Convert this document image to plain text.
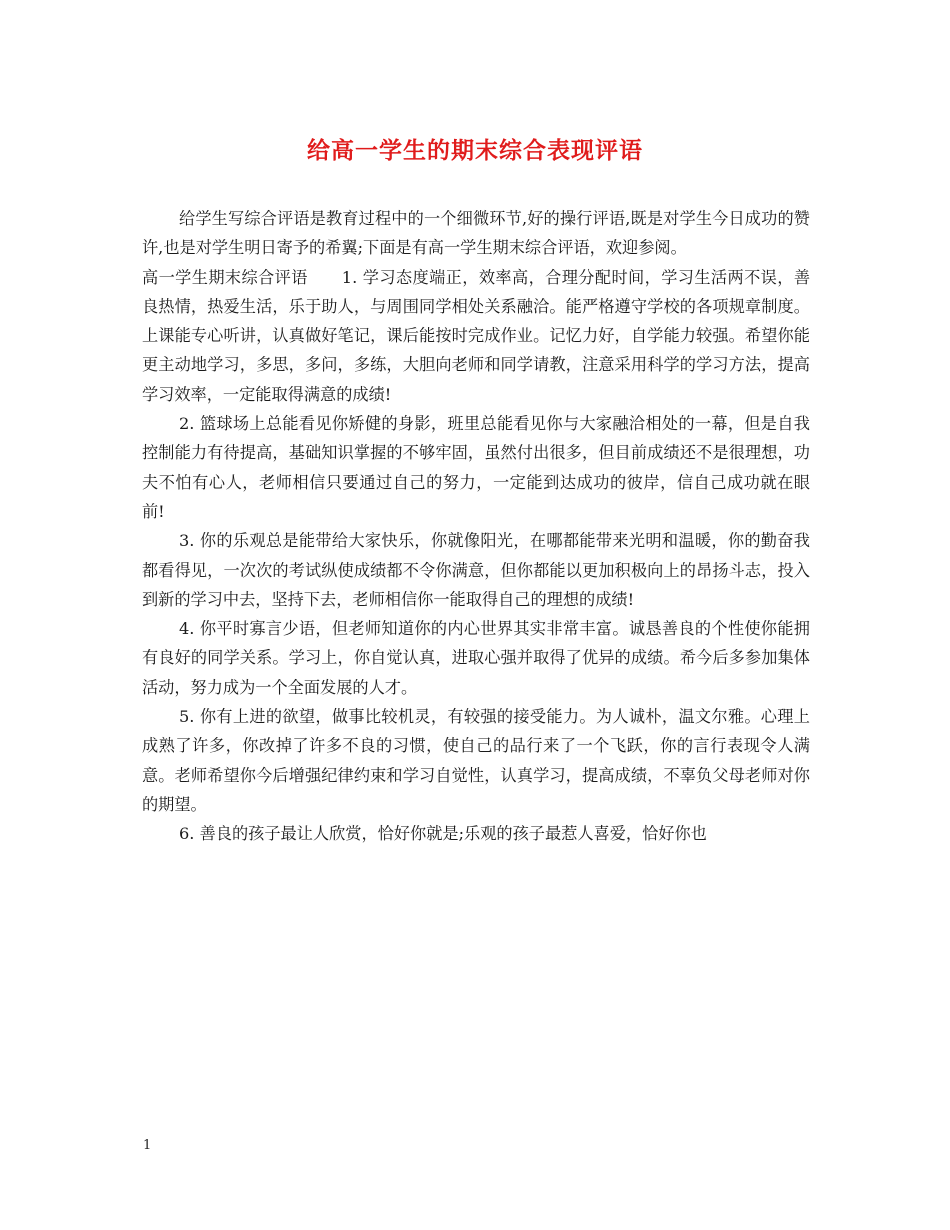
给高一学生的期末综合表现评语

给学生写综合评语是教育过程中的一个细微环节,好的操行评语,既是对学生今日成功的赞许,也是对学生明日寄予的希翼;下面是有高一学生期末综合评语，欢迎参阅。

高一学生期末综合评语 1. 学习态度端正，效率高，合理分配时间，学习生活两不误，善良热情，热爱生活，乐于助人，与周围同学相处关系融洽。能严格遵守学校的各项规章制度。上课能专心听讲，认真做好笔记，课后能按时完成作业。记忆力好，自学能力较强。希望你能更主动地学习，多思，多问，多练，大胆向老师和同学请教，注意采用科学的学习方法，提高学习效率，一定能取得满意的成绩!

2. 篮球场上总能看见你矫健的身影，班里总能看见你与大家融洽相处的一幕，但是自我控制能力有待提高，基础知识掌握的不够牢固，虽然付出很多，但目前成绩还不是很理想，功夫不怕有心人，老师相信只要通过自己的努力，一定能到达成功的彼岸，信自己成功就在眼前!

3. 你的乐观总是能带给大家快乐，你就像阳光，在哪都能带来光明和温暖，你的勤奋我都看得见，一次次的考试纵使成绩都不令你满意，但你都能以更加积极向上的昂扬斗志，投入到新的学习中去，坚持下去，老师相信你一能取得自己的理想的成绩!

4. 你平时寡言少语，但老师知道你的内心世界其实非常丰富。诚恳善良的个性使你能拥有良好的同学关系。学习上，你自觉认真，进取心强并取得了优异的成绩。希今后多参加集体活动，努力成为一个全面发展的人才。

5. 你有上进的欲望，做事比较机灵，有较强的接受能力。为人诚朴，温文尔雅。心理上成熟了许多，你改掉了许多不良的习惯，使自己的品行来了一个飞跃，你的言行表现令人满意。老师希望你今后增强纪律约束和学习自觉性，认真学习，提高成绩，不辜负父母老师对你的期望。

6. 善良的孩子最让人欣赏，恰好你就是;乐观的孩子最惹人喜爱，恰好你也

1
